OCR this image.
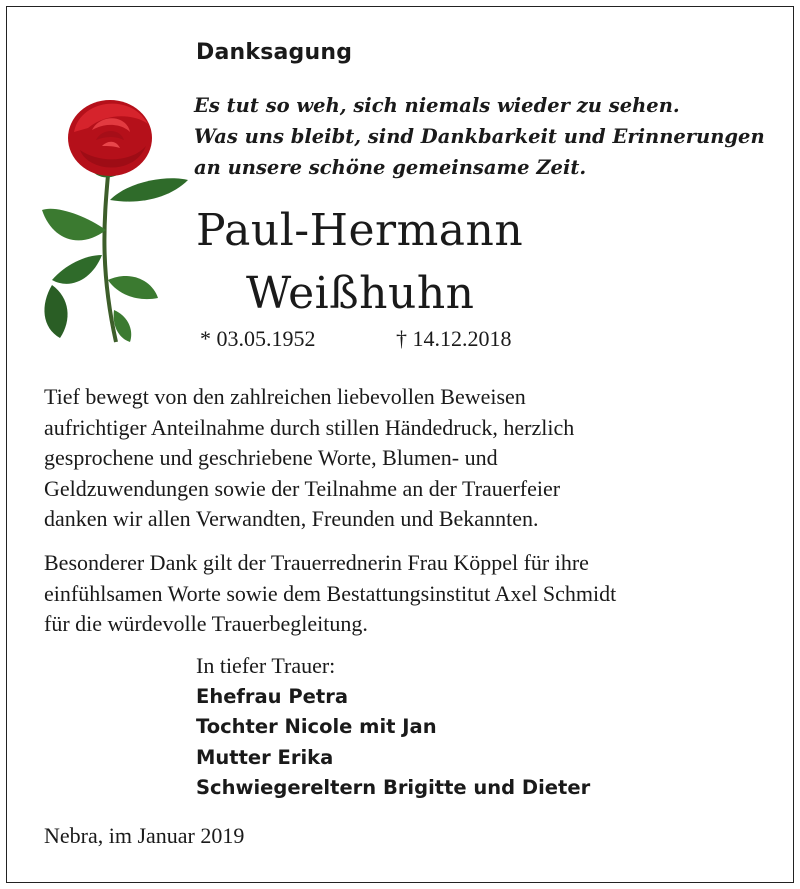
Danksagung
Es tut so weh, sich niemals wieder zu sehen.
Was uns bleibt, sind Dankbarkeit und Erinnerungen
an unsere schöne gemeinsame Zeit.
Paul-Hermann
Weißhuhn
* 03.05.1952	† 14.12.2018
Tief bewegt von den zahlreichen liebevollen Beweisen
aufrichtiger Anteilnahme durch stillen Händedruck, herzlich
gesprochene und geschriebene Worte, Blumen- und
Geldzuwendungen sowie der Teilnahme an der Trauerfeier
danken wir allen Verwandten, Freunden und Bekannten.
Besonderer Dank gilt der Trauerrednerin Frau Köppel für ihre
einfühlsamen Worte sowie dem Bestattungsinstitut Axel Schmidt
für die würdevolle Trauerbegleitung.
In tiefer Trauer:
Ehefrau Petra
Tochter Nicole mit Jan
Mutter Erika
Schwiegereltern Brigitte und Dieter
Nebra, im Januar 2019
